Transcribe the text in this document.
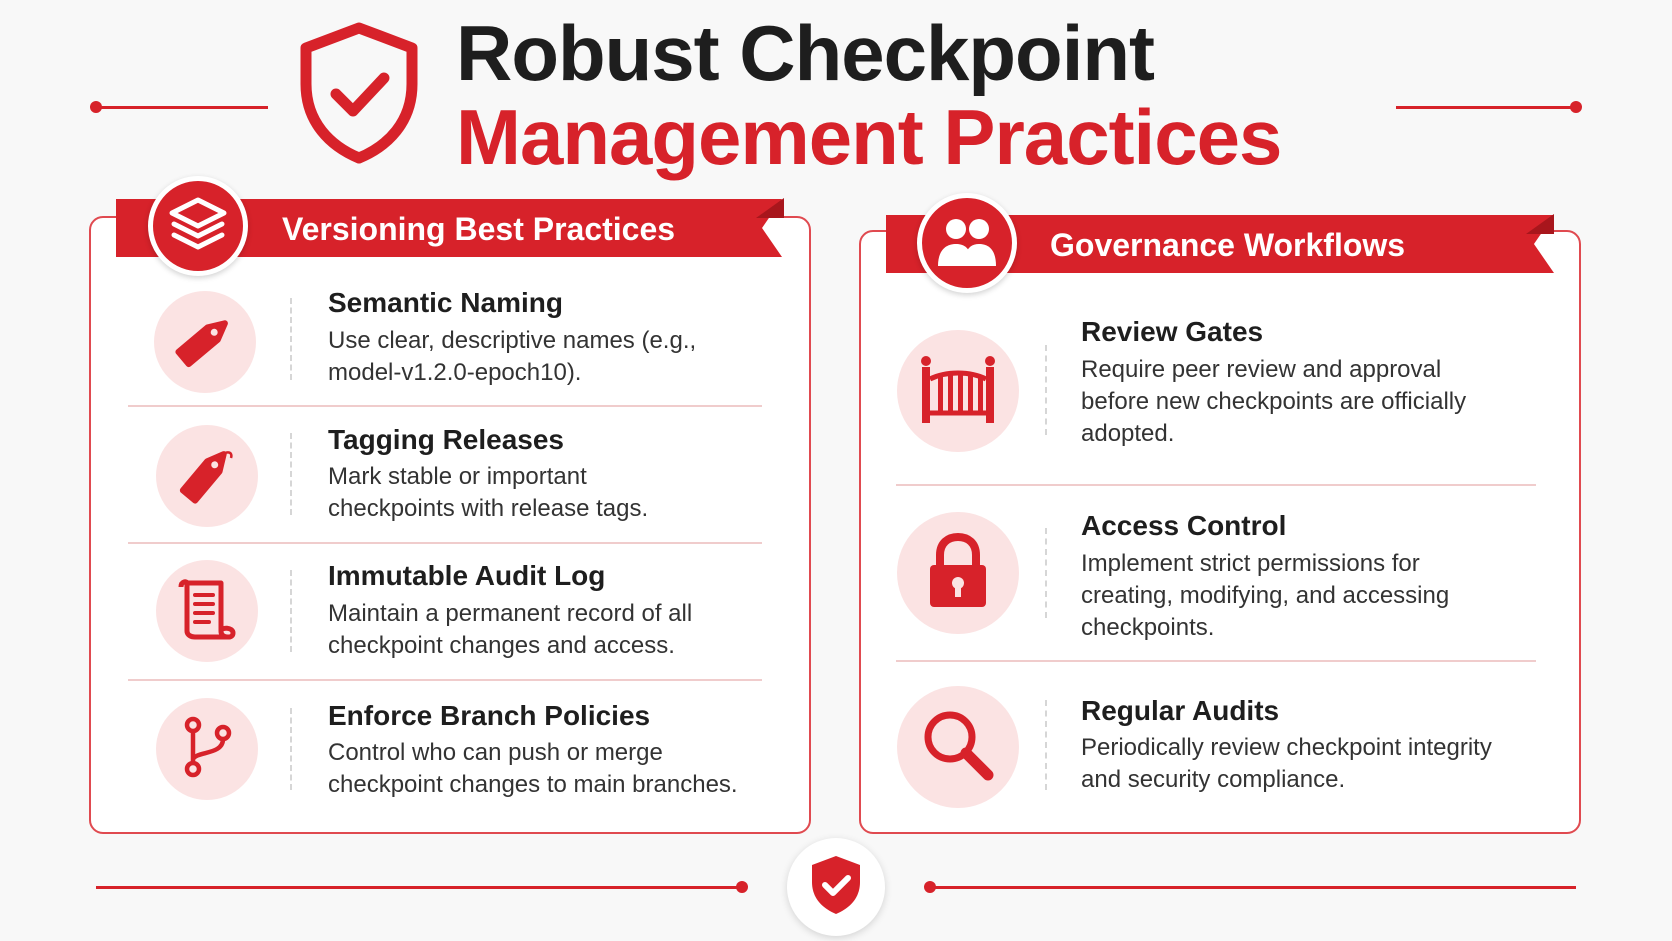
Robust Checkpoint
Management Practices
Versioning Best Practices
Semantic Naming
Use clear, descriptive names (e.g., model-v1.2.0-epoch10).
Tagging Releases
Mark stable or important checkpoints with release tags.
Immutable Audit Log
Maintain a permanent record of all checkpoint changes and access.
Enforce Branch Policies
Control who can push or merge checkpoint changes to main branches.
Governance Workflows
Review Gates
Require peer review and approval before new checkpoints are officially adopted.
Access Control
Implement strict permissions for creating, modifying, and accessing checkpoints.
Regular Audits
Periodically review checkpoint integrity and security compliance.
